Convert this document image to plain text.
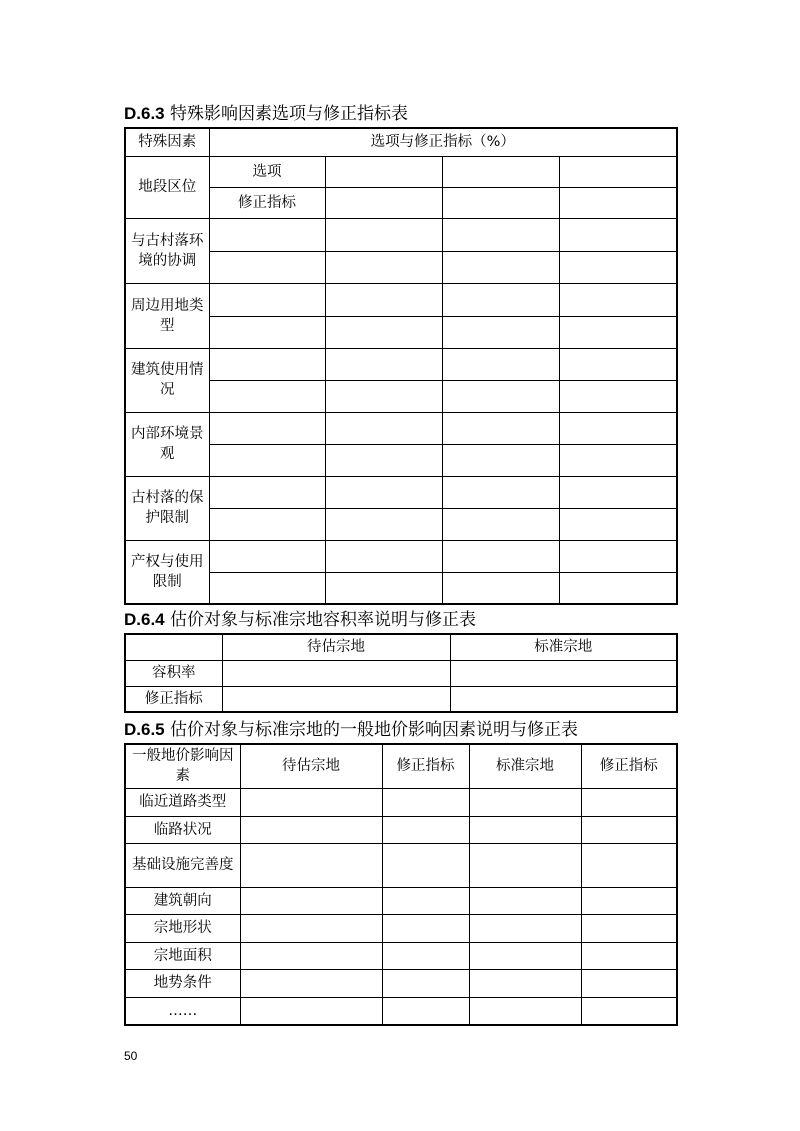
D.6.3 特殊影响因素选项与修正指标表
特殊因素	选项与修正指标（%）			
地段区位	选项			
	修正指标			
与古村落环境的协调				

周边用地类型				

建筑使用情况				

内部环境景观				

古村落的保护限制				

产权与使用限制				

D.6.4 估价对象与标准宗地容积率说明与修正表
	待估宗地	标准宗地
容积率		
修正指标		
D.6.5 估价对象与标准宗地的一般地价影响因素说明与修正表
一般地价影响因素	待估宗地	修正指标	标准宗地	修正指标
临近道路类型				
临路状况				
基础设施完善度				
建筑朝向				
宗地形状				
宗地面积				
地势条件				
……				
50
